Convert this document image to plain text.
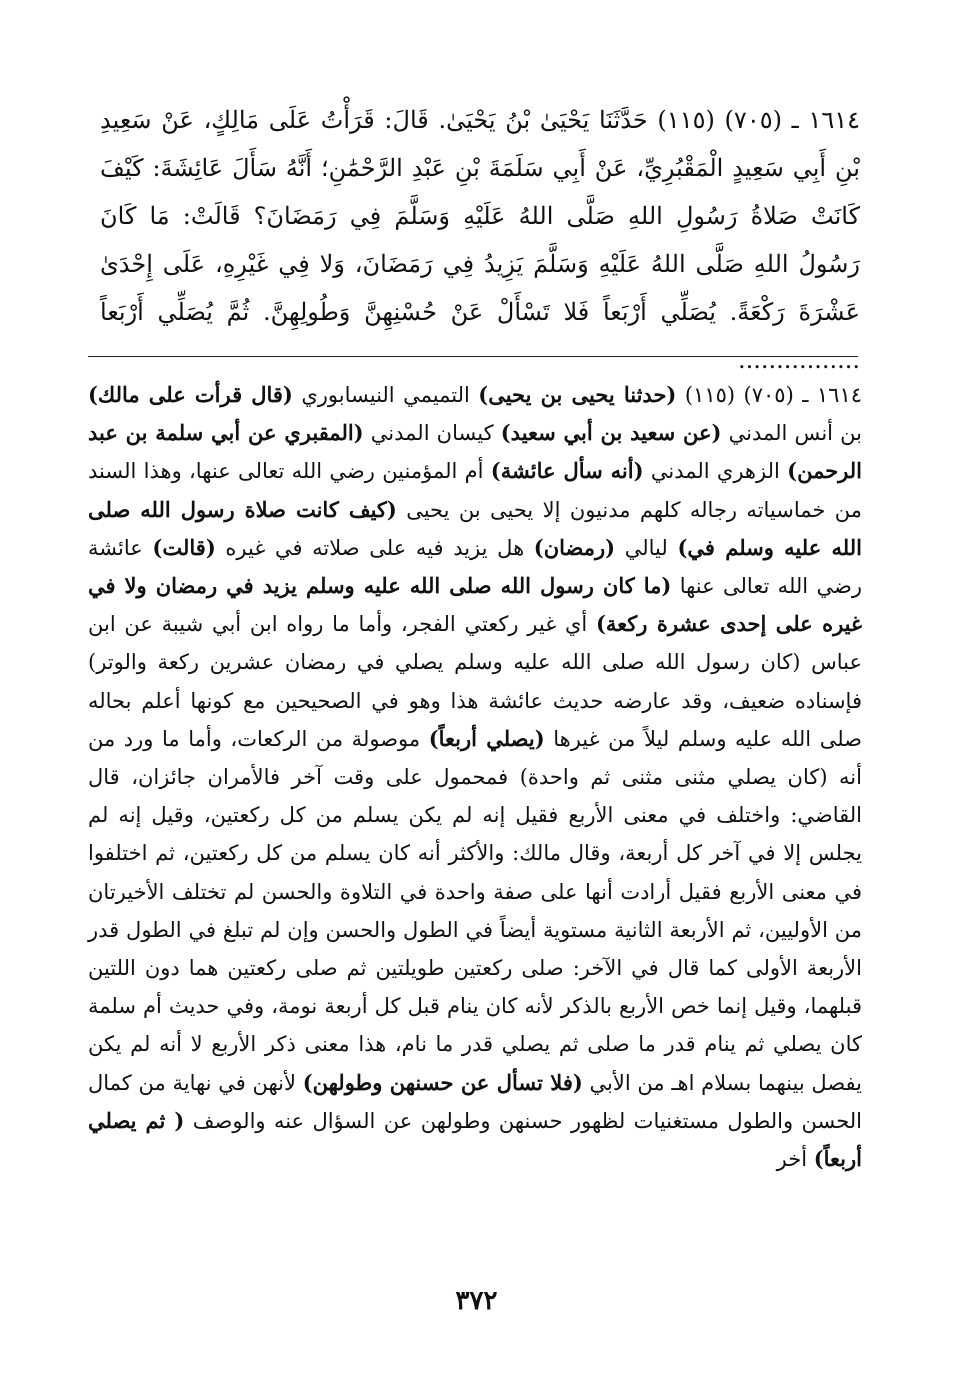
١٦١٤ ـ (٧٠٥) (١١٥) حَدَّثَنَا يَحْيَىٰ بْنُ يَحْيَىٰ. قَالَ: قَرَأْتُ عَلَى مَالِكٍ، عَنْ سَعِيدِ بْنِ أَبِي سَعِيدٍ الْمَقْبُرِيِّ، عَنْ أَبِي سَلَمَةَ بْنِ عَبْدِ الرَّحْمَٰنِ؛ أَنَّهُ سَأَلَ عَائِشَةَ: كَيْفَ كَانَتْ صَلاةُ رَسُولِ اللهِ صَلَّى اللهُ عَلَيْهِ وَسَلَّمَ فِي رَمَضَانَ؟ قَالَتْ: مَا كَانَ رَسُولُ اللهِ صَلَّى اللهُ عَلَيْهِ وَسَلَّمَ يَزِيدُ فِي رَمَضَانَ، وَلا فِي غَيْرِهِ، عَلَى إِحْدَىٰ عَشْرَةَ رَكْعَةً. يُصَلِّي أَرْبَعاً فَلا تَسْأَلْ عَنْ حُسْنِهِنَّ وَطُولِهِنَّ. ثُمَّ يُصَلِّي أَرْبَعاً ................

١٦١٤ ـ (٧٠٥) (١١٥) (حدثنا يحيى بن يحيى) التميمي النيسابوري (قال قرأت على مالك) بن أنس المدني (عن سعيد بن أبي سعيد) كيسان المدني (المقبري عن أبي سلمة بن عبد الرحمن) الزهري المدني (أنه سأل عائشة) أم المؤمنين رضي الله تعالى عنها، وهذا السند من خماسياته رجاله كلهم مدنيون إلا يحيى بن يحيى (كيف كانت صلاة رسول الله صلى الله عليه وسلم في) ليالي (رمضان) هل يزيد فيه على صلاته في غيره (قالت) عائشة رضي الله تعالى عنها (ما كان رسول الله صلى الله عليه وسلم يزيد في رمضان ولا في غيره على إحدى عشرة ركعة) أي غير ركعتي الفجر، وأما ما رواه ابن أبي شيبة عن ابن عباس (كان رسول الله صلى الله عليه وسلم يصلي في رمضان عشرين ركعة والوتر) فإسناده ضعيف، وقد عارضه حديث عائشة هذا وهو في الصحيحين مع كونها أعلم بحاله صلى الله عليه وسلم ليلاً من غيرها (يصلي أربعاً) موصولة من الركعات، وأما ما ورد من أنه (كان يصلي مثنى مثنى ثم واحدة) فمحمول على وقت آخر فالأمران جائزان، قال القاضي: واختلف في معنى الأربع فقيل إنه لم يكن يسلم من كل ركعتين، وقيل إنه لم يجلس إلا في آخر كل أربعة، وقال مالك: والأكثر أنه كان يسلم من كل ركعتين، ثم اختلفوا في معنى الأربع فقيل أرادت أنها على صفة واحدة في التلاوة والحسن لم تختلف الأخيرتان من الأوليين، ثم الأربعة الثانية مستوية أيضاً في الطول والحسن وإن لم تبلغ في الطول قدر الأربعة الأولى كما قال في الآخر: صلى ركعتين طويلتين ثم صلى ركعتين هما دون اللتين قبلهما، وقيل إنما خص الأربع بالذكر لأنه كان ينام قبل كل أربعة نومة، وفي حديث أم سلمة كان يصلي ثم ينام قدر ما صلى ثم يصلي قدر ما نام، هذا معنى ذكر الأربع لا أنه لم يكن يفصل بينهما بسلام اهـ من الأبي (فلا تسأل عن حسنهن وطولهن) لأنهن في نهاية من كمال الحسن والطول مستغنيات لظهور حسنهن وطولهن عن السؤال عنه والوصف ( ثم يصلي أربعاً) أخر

٣٧٢
